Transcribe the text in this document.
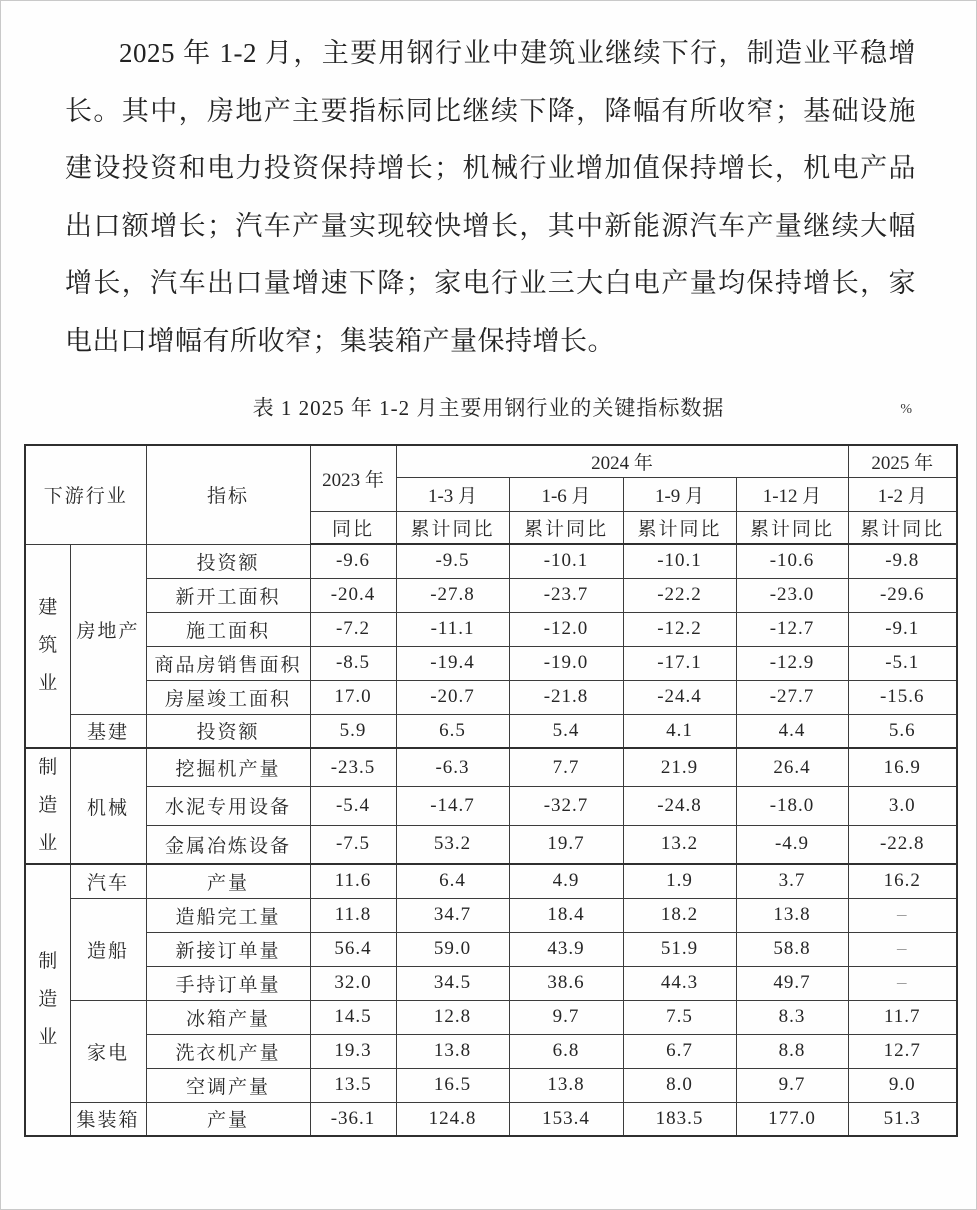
2025 年 1-2 月，主要用钢行业中建筑业继续下行，制造业平稳增长。其中，房地产主要指标同比继续下降，降幅有所收窄；基础设施建设投资和电力投资保持增长；机械行业增加值保持增长，机电产品出口额增长；汽车产量实现较快增长，其中新能源汽车产量继续大幅增长，汽车出口量增速下降；家电行业三大白电产量均保持增长，家电出口增幅有所收窄；集装箱产量保持增长。

表 1 2025 年 1-2 月主要用钢行业的关键指标数据	%
下游行业		指标	2023 年	2024 年				2025 年
				1-3 月	1-6 月	1-9 月	1-12 月	1-2 月
			同比	累计同比	累计同比	累计同比	累计同比	累计同比
建筑业	房地产	投资额	-9.6	-9.5	-10.1	-10.1	-10.6	-9.8
		新开工面积	-20.4	-27.8	-23.7	-22.2	-23.0	-29.6
		施工面积	-7.2	-11.1	-12.0	-12.2	-12.7	-9.1
		商品房销售面积	-8.5	-19.4	-19.0	-17.1	-12.9	-5.1
		房屋竣工面积	17.0	-20.7	-21.8	-24.4	-27.7	-15.6
	基建	投资额	5.9	6.5	5.4	4.1	4.4	5.6
制造业	机械	挖掘机产量	-23.5	-6.3	7.7	21.9	26.4	16.9
		水泥专用设备	-5.4	-14.7	-32.7	-24.8	-18.0	3.0
		金属冶炼设备	-7.5	53.2	19.7	13.2	-4.9	-22.8
制造业	汽车	产量	11.6	6.4	4.9	1.9	3.7	16.2
	造船	造船完工量	11.8	34.7	18.4	18.2	13.8	–
		新接订单量	56.4	59.0	43.9	51.9	58.8	–
		手持订单量	32.0	34.5	38.6	44.3	49.7	–
	家电	冰箱产量	14.5	12.8	9.7	7.5	8.3	11.7
		洗衣机产量	19.3	13.8	6.8	6.7	8.8	12.7
		空调产量	13.5	16.5	13.8	8.0	9.7	9.0
	集装箱	产量	-36.1	124.8	153.4	183.5	177.0	51.3
